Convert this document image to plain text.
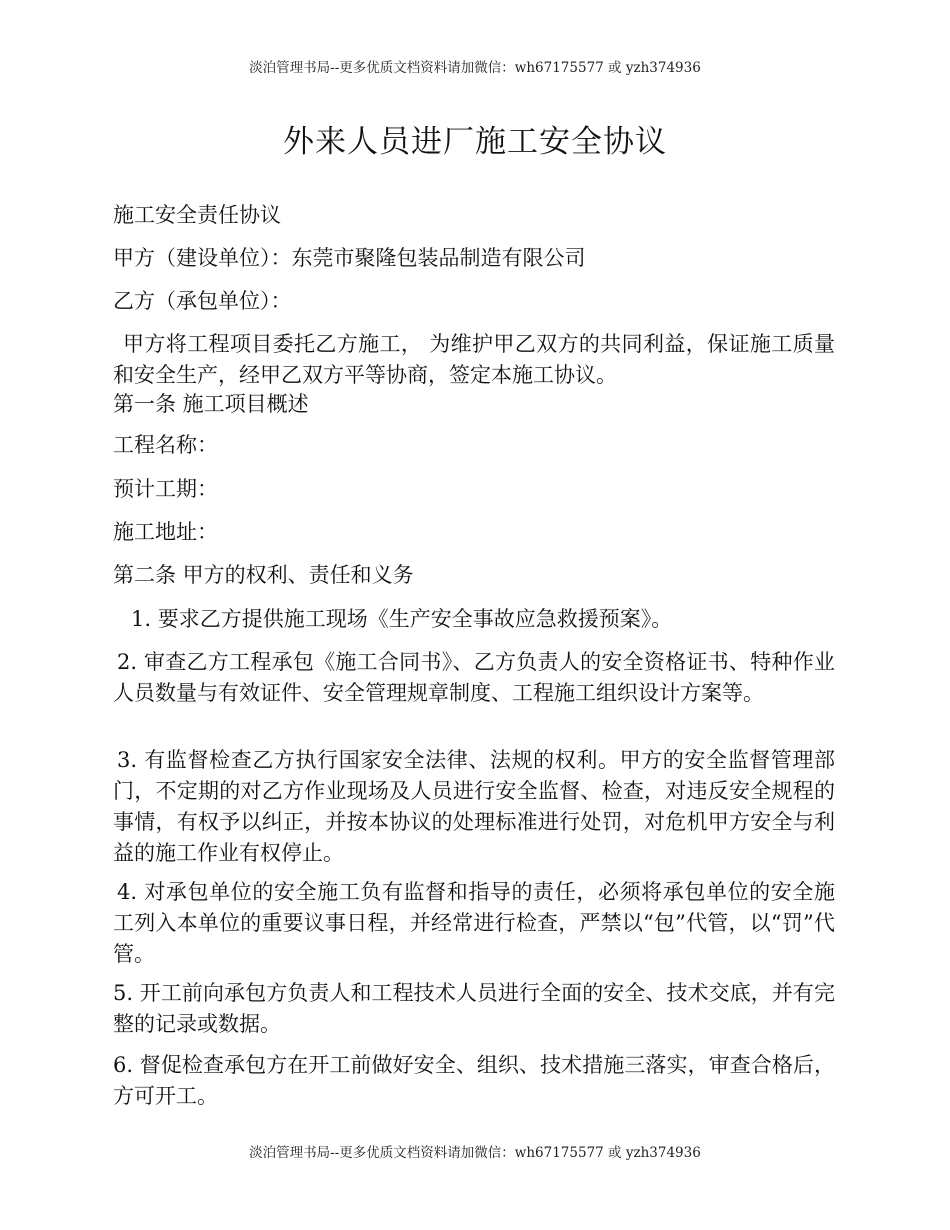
淡泊管理书局--更多优质文档资料请加微信：wh67175577 或 yzh374936
外来人员进厂施工安全协议
施工安全责任协议
甲方（建设单位）：东莞市聚隆包装品制造有限公司
乙方（承包单位）：
甲方将工程项目委托乙方施工， 为维护甲乙双方的共同利益，保证施工质量和安全生产，经甲乙双方平等协商，签定本施工协议。
第一条 施工项目概述
工程名称：
预计工期：
施工地址：
第二条 甲方的权利、责任和义务
1. 要求乙方提供施工现场《生产安全事故应急救援预案》。
2. 审查乙方工程承包《施工合同书》、乙方负责人的安全资格证书、特种作业人员数量与有效证件、安全管理规章制度、工程施工组织设计方案等。
3. 有监督检查乙方执行国家安全法律、法规的权利。甲方的安全监督管理部门，不定期的对乙方作业现场及人员进行安全监督、检查，对违反安全规程的事情，有权予以纠正，并按本协议的处理标准进行处罚，对危机甲方安全与利益的施工作业有权停止。
4. 对承包单位的安全施工负有监督和指导的责任，必须将承包单位的安全施工列入本单位的重要议事日程，并经常进行检查，严禁以“包”代管，以“罚”代管。
5. 开工前向承包方负责人和工程技术人员进行全面的安全、技术交底，并有完整的记录或数据。
6. 督促检查承包方在开工前做好安全、组织、技术措施三落实，审查合格后，方可开工。
淡泊管理书局--更多优质文档资料请加微信：wh67175577 或 yzh374936
